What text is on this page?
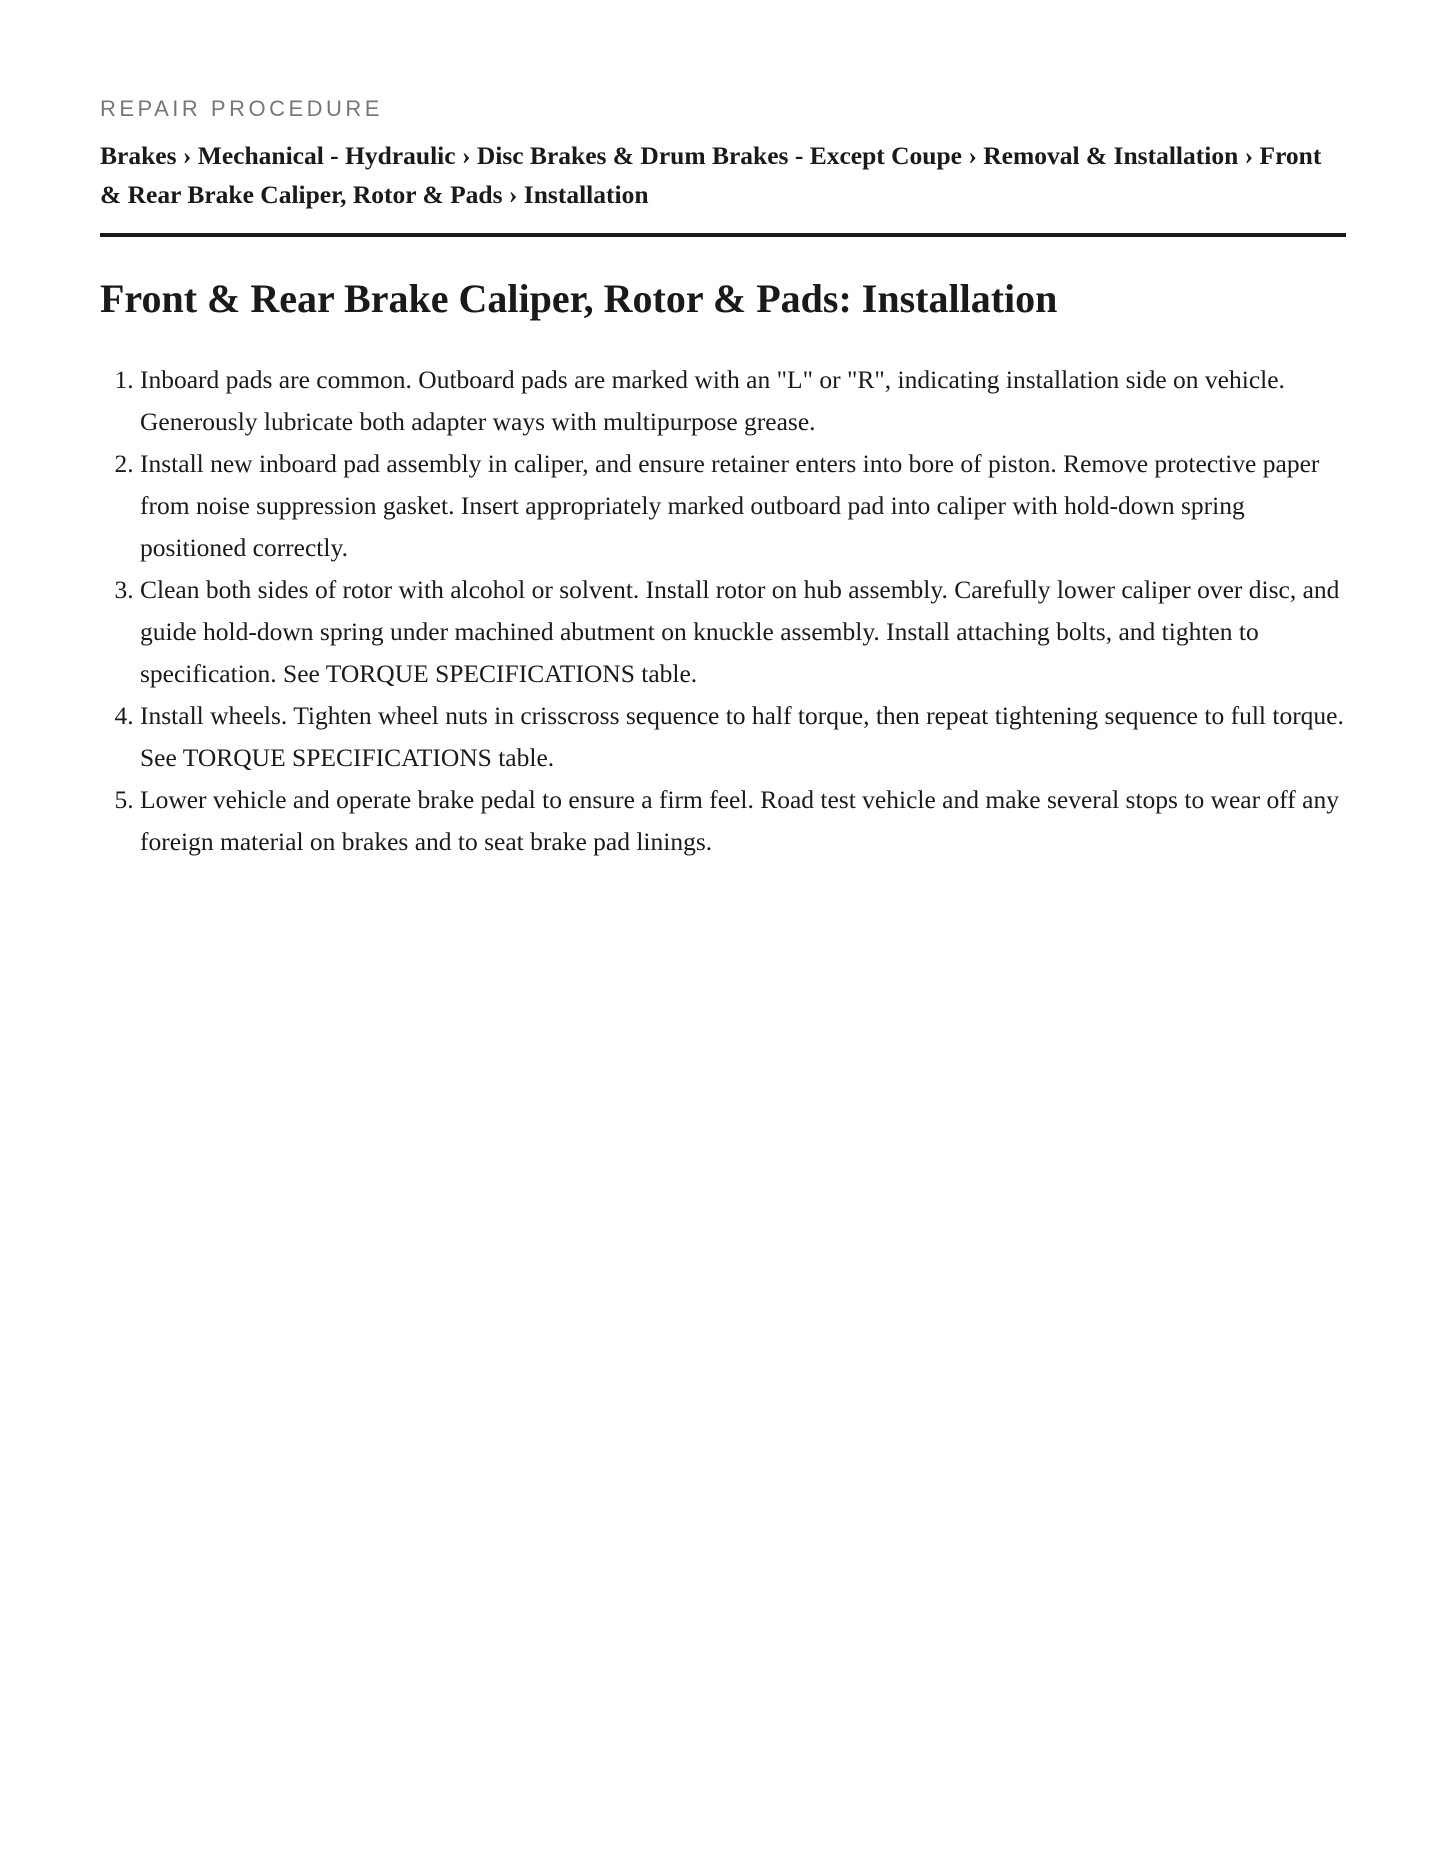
REPAIR PROCEDURE
Brakes › Mechanical - Hydraulic › Disc Brakes & Drum Brakes - Except Coupe › Removal & Installation › Front & Rear Brake Caliper, Rotor & Pads › Installation
Front & Rear Brake Caliper, Rotor & Pads: Installation
1. Inboard pads are common. Outboard pads are marked with an "L" or "R", indicating installation side on vehicle. Generously lubricate both adapter ways with multipurpose grease.
2. Install new inboard pad assembly in caliper, and ensure retainer enters into bore of piston. Remove protective paper from noise suppression gasket. Insert appropriately marked outboard pad into caliper with hold-down spring positioned correctly.
3. Clean both sides of rotor with alcohol or solvent. Install rotor on hub assembly. Carefully lower caliper over disc, and guide hold-down spring under machined abutment on knuckle assembly. Install attaching bolts, and tighten to specification. See TORQUE SPECIFICATIONS table.
4. Install wheels. Tighten wheel nuts in crisscross sequence to half torque, then repeat tightening sequence to full torque. See TORQUE SPECIFICATIONS table.
5. Lower vehicle and operate brake pedal to ensure a firm feel. Road test vehicle and make several stops to wear off any foreign material on brakes and to seat brake pad linings.
